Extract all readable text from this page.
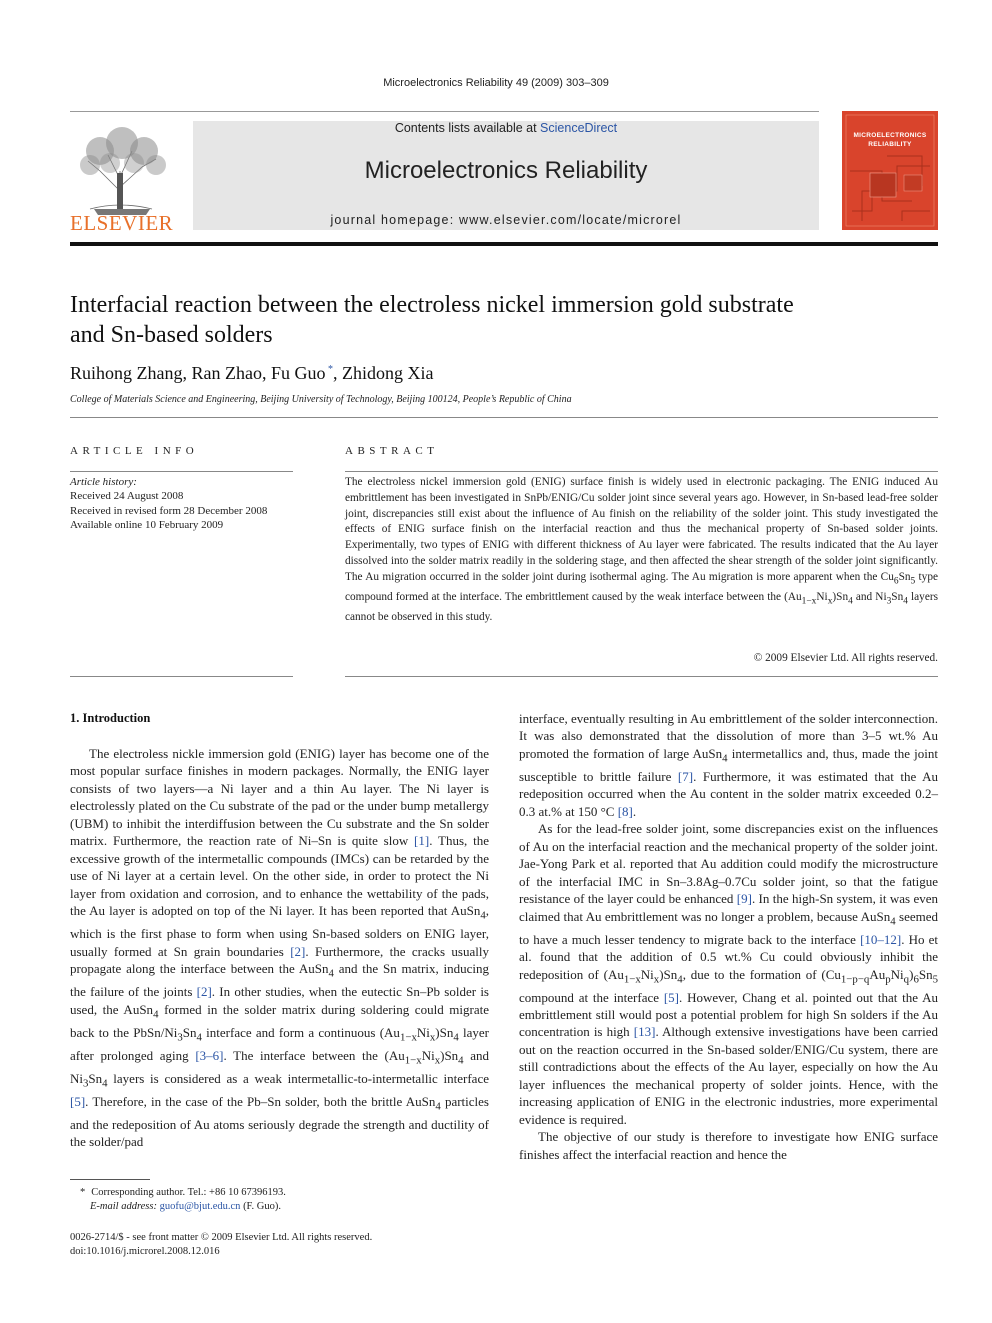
Microelectronics Reliability 49 (2009) 303–309
ELSEVIER
Contents lists available at ScienceDirect
Microelectronics Reliability
journal homepage: www.elsevier.com/locate/microrel
MICROELECTRONICS
RELIABILITY
Interfacial reaction between the electroless nickel immersion gold substrate
and Sn-based solders
Ruihong Zhang, Ran Zhao, Fu Guo *, Zhidong Xia
College of Materials Science and Engineering, Beijing University of Technology, Beijing 100124, People’s Republic of China
ARTICLE INFO
Article history:
Received 24 August 2008
Received in revised form 28 December 2008
Available online 10 February 2009
ABSTRACT
The electroless nickel immersion gold (ENIG) surface finish is widely used in electronic packaging. The ENIG induced Au embrittlement has been investigated in SnPb/ENIG/Cu solder joint since several years ago. However, in Sn-based lead-free solder joint, discrepancies still exist about the influence of Au finish on the reliability of the solder joint. This study investigated the effects of ENIG surface finish on the interfacial reaction and thus the mechanical property of Sn-based solder joints. Experimentally, two types of ENIG with different thickness of Au layer were fabricated. The results indicated that the Au layer dissolved into the solder matrix readily in the soldering stage, and then affected the shear strength of the solder joint significantly. The Au migration occurred in the solder joint during isothermal aging. The Au migration is more apparent when the $Cu_6Sn_5$ type compound formed at the interface. The embrittlement caused by the weak interface between the $(Au_{1-x}Ni_x)Sn_4$ and $Ni_3Sn_4$ layers cannot be observed in this study.
© 2009 Elsevier Ltd. All rights reserved.
1. Introduction

The electroless nickle immersion gold (ENIG) layer has become one of the most popular surface finishes in modern packages. Normally, the ENIG layer consists of two layers—a Ni layer and a thin Au layer. The Ni layer is electrolessly plated on the Cu substrate of the pad or the under bump metallergy (UBM) to inhibit the interdiffusion between the Cu substrate and the Sn solder matrix. Furthermore, the reaction rate of Ni–Sn is quite slow [1]. Thus, the excessive growth of the intermetallic compounds (IMCs) can be retarded by the use of Ni layer at a certain level. On the other side, in order to protect the Ni layer from oxidation and corrosion, and to enhance the wettability of the pads, the Au layer is adopted on top of the Ni layer. It has been reported that AuSn$_4$, which is the first phase to form when using Sn-based solders on ENIG layer, usually formed at Sn grain boundaries [2]. Furthermore, the cracks usually propagate along the interface between the AuSn$_4$ and the Sn matrix, inducing the failure of the joints [2]. In other studies, when the eutectic Sn–Pb solder is used, the AuSn$_4$ formed in the solder matrix during soldering could migrate back to the PbSn/$Ni_3Sn_4$ interface and form a continuous $(Au_{1-x}Ni_x)Sn_4$ layer after prolonged aging [3–6]. The interface between the $(Au_{1-x}Ni_x)Sn_4$ and $Ni_3Sn_4$ layers is considered as a weak intermetallic-to-intermetallic interface [5]. Therefore, in the case of the Pb–Sn solder, both the brittle AuSn$_4$ particles and the redeposition of Au atoms seriously degrade the strength and ductility of the solder/pad

* Corresponding author. Tel.: +86 10 67396193.
E-mail address: guofu@bjut.edu.cn (F. Guo).
0026-2714/$ - see front matter © 2009 Elsevier Ltd. All rights reserved.
doi:10.1016/j.microrel.2008.12.016

interface, eventually resulting in Au embrittlement of the solder interconnection. It was also demonstrated that the dissolution of more than 3–5 wt.% Au promoted the formation of large AuSn$_4$ intermetallics and, thus, made the joint susceptible to brittle failure [7]. Furthermore, it was estimated that the Au redeposition occurred when the Au content in the solder matrix exceeded 0.2–0.3 at.% at 150 °C [8].

As for the lead-free solder joint, some discrepancies exist on the influences of Au on the interfacial reaction and the mechanical property of the solder joint. Jae-Yong Park et al. reported that Au addition could modify the microstructure of the interfacial IMC in Sn–3.8Ag–0.7Cu solder joint, so that the fatigue resistance of the layer could be enhanced [9]. In the high-Sn system, it was even claimed that Au embrittlement was no longer a problem, because AuSn$_4$ seemed to have a much lesser tendency to migrate back to the interface [10–12]. Ho et al. found that the addition of 0.5 wt.% Cu could obviously inhibit the redeposition of $(Au_{1-x}Ni_x)Sn_4$, due to the formation of $(Cu_{1-p-q}Au_pNi_q)_6Sn_5$ compound at the interface [5]. However, Chang et al. pointed out that the Au embrittlement still would post a potential problem for high Sn solders if the Au concentration is high [13]. Although extensive investigations have been carried out on the reaction occurred in the Sn-based solder/ENIG/Cu system, there are still contradictions about the effects of the Au layer, especially on how the Au layer influences the mechanical property of solder joints. Hence, with the increasing application of ENIG in the electronic industries, more experimental evidence is required.

The objective of our study is therefore to investigate how ENIG surface finishes affect the interfacial reaction and hence the
